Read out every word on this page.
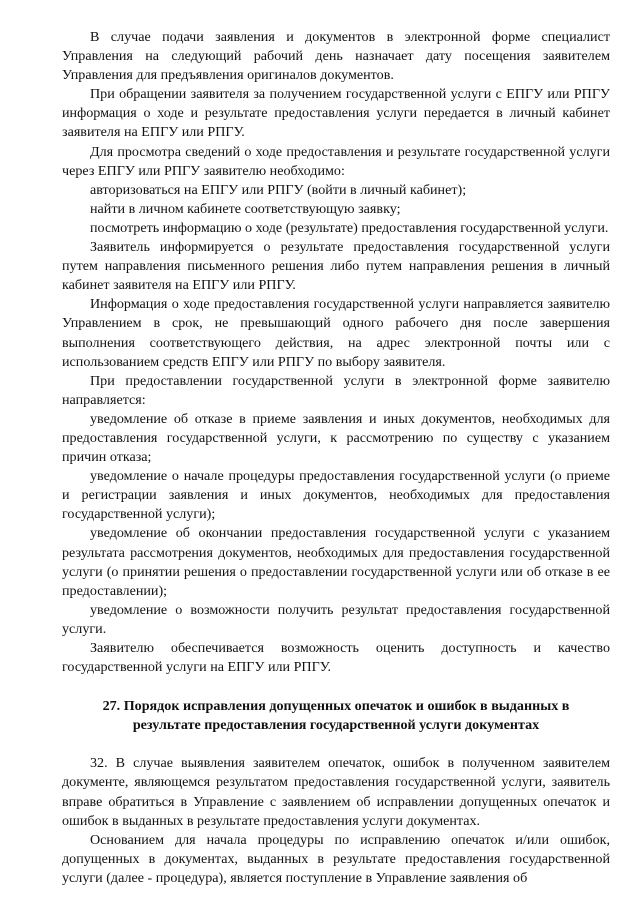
В случае подачи заявления и документов в электронной форме специалист Управления на следующий рабочий день назначает дату посещения заявителем Управления для предъявления оригиналов документов.

При обращении заявителя за получением государственной услуги с ЕПГУ или РПГУ информация о ходе и результате предоставления услуги передается в личный кабинет заявителя на ЕПГУ или РПГУ.

Для просмотра сведений о ходе предоставления и результате государственной услуги через ЕПГУ или РПГУ заявителю необходимо:

авторизоваться на ЕПГУ или РПГУ (войти в личный кабинет);

найти в личном кабинете соответствующую заявку;

посмотреть информацию о ходе (результате) предоставления государственной услуги.

Заявитель информируется о результате предоставления государственной услуги путем направления письменного решения либо путем направления решения в личный кабинет заявителя на ЕПГУ или РПГУ.

Информация о ходе предоставления государственной услуги направляется заявителю Управлением в срок, не превышающий одного рабочего дня после завершения выполнения соответствующего действия, на адрес электронной почты или с использованием средств ЕПГУ или РПГУ по выбору заявителя.

При предоставлении государственной услуги в электронной форме заявителю направляется:

уведомление об отказе в приеме заявления и иных документов, необходимых для предоставления государственной услуги, к рассмотрению по существу с указанием причин отказа;

уведомление о начале процедуры предоставления государственной услуги (о приеме и регистрации заявления и иных документов, необходимых для предоставления государственной услуги);

уведомление об окончании предоставления государственной услуги с указанием результата рассмотрения документов, необходимых для предоставления государственной услуги (о принятии решения о предоставлении государственной услуги или об отказе в ее предоставлении);

уведомление о возможности получить результат предоставления государственной услуги.

Заявителю обеспечивается возможность оценить доступность и качество государственной услуги на ЕПГУ или РПГУ.

27. Порядок исправления допущенных опечаток и ошибок в выданных в результате предоставления государственной услуги документах

32. В случае выявления заявителем опечаток, ошибок в полученном заявителем документе, являющемся результатом предоставления государственной услуги, заявитель вправе обратиться в Управление с заявлением об исправлении допущенных опечаток и ошибок в выданных в результате предоставления услуги документах.

Основанием для начала процедуры по исправлению опечаток и/или ошибок, допущенных в документах, выданных в результате предоставления государственной услуги (далее - процедура), является поступление в Управление заявления об
